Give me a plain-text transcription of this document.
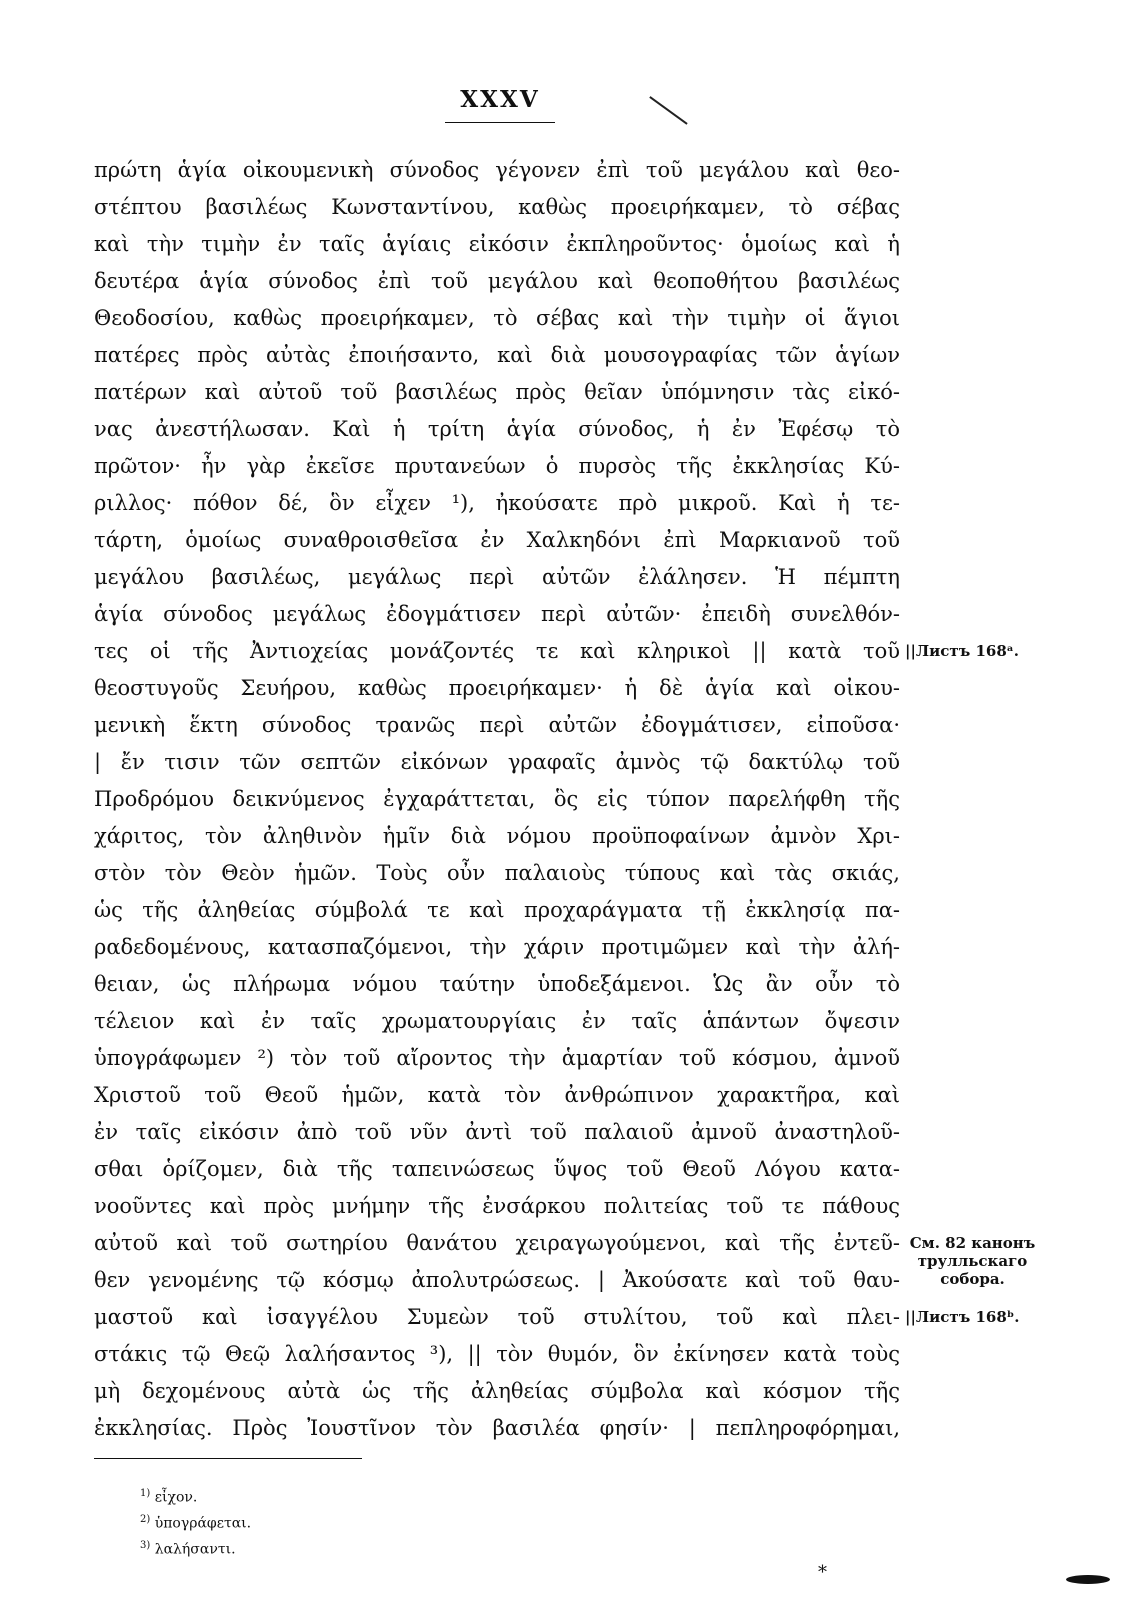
XXXV
πρώτη ἁγία οἰκουμενικὴ σύνοδος γέγονεν ἐπὶ τοῦ μεγάλου καὶ θεο-
στέπτου βασιλέως Κωνσταντίνου, καθὼς προειρήκαμεν, τὸ σέβας
καὶ τὴν τιμὴν ἐν ταῖς ἁγίαις εἰκόσιν ἐκπληροῦντος· ὁμοίως καὶ ἡ
δευτέρα ἁγία σύνοδος ἐπὶ τοῦ μεγάλου καὶ θεοποθήτου βασιλέως
Θεοδοσίου, καθὼς προειρήκαμεν, τὸ σέβας καὶ τὴν τιμὴν οἱ ἅγιοι
πατέρες πρὸς αὐτὰς ἐποιήσαντο, καὶ διὰ μουσογραφίας τῶν ἁγίων
πατέρων καὶ αὐτοῦ τοῦ βασιλέως πρὸς θεῖαν ὑπόμνησιν τὰς εἰκό-
νας ἀνεστήλωσαν. Καὶ ἡ τρίτη ἁγία σύνοδος, ἡ ἐν Ἐφέσῳ τὸ
πρῶτον· ἦν γὰρ ἐκεῖσε πρυτανεύων ὁ πυρσὸς τῆς ἐκκλησίας Κύ-
ριλλος· πόθον δέ, ὃν εἶχεν ¹), ἠκούσατε πρὸ μικροῦ. Καὶ ἡ τε-
τάρτη, ὁμοίως συναθροισθεῖσα ἐν Χαλκηδόνι ἐπὶ Μαρκιανοῦ τοῦ
μεγάλου βασιλέως, μεγάλως περὶ αὐτῶν ἐλάλησεν. Ἡ πέμπτη
ἁγία σύνοδος μεγάλως ἐδογμάτισεν περὶ αὐτῶν· ἐπειδὴ συνελθόν-
τες οἱ τῆς Ἀντιοχείας μονάζοντές τε καὶ κληρικοὶ || κατὰ τοῦ
θεοστυγοῦς Σευήρου, καθὼς προειρήκαμεν· ἡ δὲ ἁγία καὶ οἰκου-
μενικὴ ἕκτη σύνοδος τρανῶς περὶ αὐτῶν ἐδογμάτισεν, εἰποῦσα·
| ἔν τισιν τῶν σεπτῶν εἰκόνων γραφαῖς ἀμνὸς τῷ δακτύλῳ τοῦ
Προδρόμου δεικνύμενος ἐγχαράττεται, ὃς εἰς τύπον παρελήφθη τῆς
χάριτος, τὸν ἀληθινὸν ἡμῖν διὰ νόμου προϋποφαίνων ἀμνὸν Χρι-
στὸν τὸν Θεὸν ἡμῶν. Τοὺς οὖν παλαιοὺς τύπους καὶ τὰς σκιάς,
ὡς τῆς ἀληθείας σύμβολά τε καὶ προχαράγματα τῇ ἐκκλησίᾳ πα-
ραδεδομένους, κατασπαζόμενοι, τὴν χάριν προτιμῶμεν καὶ τὴν ἀλή-
θειαν, ὡς πλήρωμα νόμου ταύτην ὑποδεξάμενοι. Ὡς ἂν οὖν τὸ
τέλειον καὶ ἐν ταῖς χρωματουργίαις ἐν ταῖς ἁπάντων ὄψεσιν
ὑπογράφωμεν ²) τὸν τοῦ αἴροντος τὴν ἁμαρτίαν τοῦ κόσμου, ἀμνοῦ
Χριστοῦ τοῦ Θεοῦ ἡμῶν, κατὰ τὸν ἀνθρώπινον χαρακτῆρα, καὶ
ἐν ταῖς εἰκόσιν ἀπὸ τοῦ νῦν ἀντὶ τοῦ παλαιοῦ ἀμνοῦ ἀναστηλοῦ-
σθαι ὁρίζομεν, διὰ τῆς ταπεινώσεως ὕψος τοῦ Θεοῦ Λόγου κατα-
νοοῦντες καὶ πρὸς μνήμην τῆς ἐνσάρκου πολιτείας τοῦ τε πάθους
αὐτοῦ καὶ τοῦ σωτηρίου θανάτου χειραγωγούμενοι, καὶ τῆς ἐντεῦ-
θεν γενομένης τῷ κόσμῳ ἀπολυτρώσεως. | Ἀκούσατε καὶ τοῦ θαυ-
μαστοῦ καὶ ἰσαγγέλου Συμεὼν τοῦ στυλίτου, τοῦ καὶ πλει-
στάκις τῷ Θεῷ λαλήσαντος ³), || τὸν θυμόν, ὃν ἐκίνησεν κατὰ τοὺς
μὴ δεχομένους αὐτὰ ὡς τῆς ἀληθείας σύμβολα καὶ κόσμον τῆς
ἐκκλησίας. Πρὸς Ἰουστῖνον τὸν βασιλέα φησίν· | πεπληροφόρημαι,
||Листъ 168ᵃ.
См. 82 канонъ
трулльскаго
собора.
||Листъ 168ᵇ.
$^{1)}$ εἶχον.
$^{2)}$ ὑπογράφεται.
$^{3)}$ λαλήσαντι.
*
